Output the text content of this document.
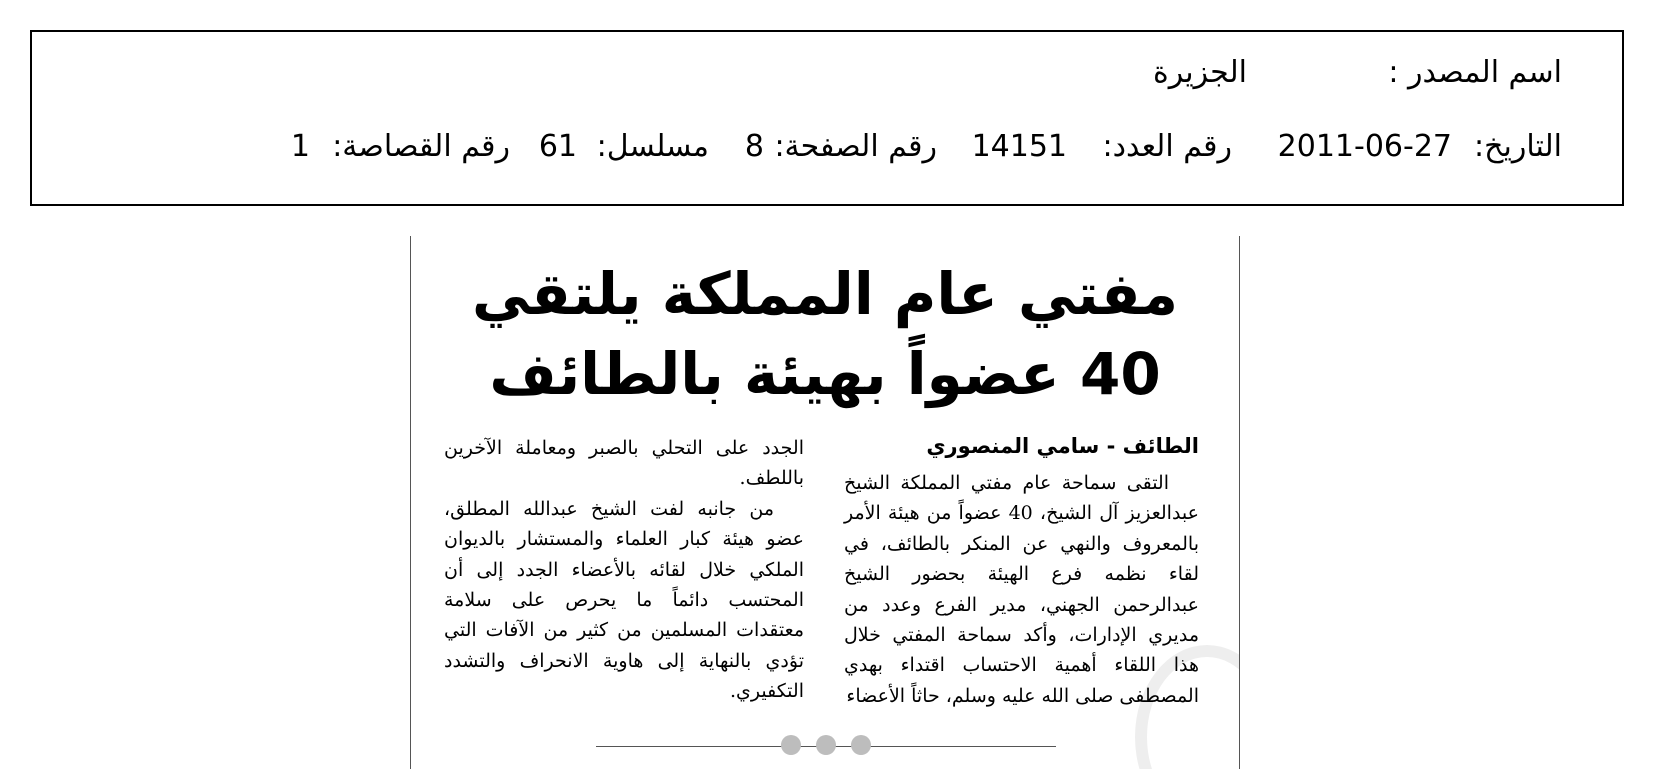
اسم المصدر :
الجزيرة
التاريخ:
2011-06-27
رقم العدد:
14151
رقم الصفحة:
8
مسلسل:
61
رقم القصاصة:
1
مفتي عام المملكة يلتقي
40 عضواً بهيئة بالطائف
الطائف - سامي المنصوري

التقى سماحة عام مفتي المملكة الشيخ عبدالعزيز آل الشيخ، 40 عضواً من هيئة الأمر بالمعروف والنهي عن المنكر بالطائف، في لقاء نظمه فرع الهيئة بحضور الشيخ عبدالرحمن الجهني، مدير الفرع وعدد من مديري الإدارات، وأكد سماحة المفتي خلال هذا اللقاء أهمية الاحتساب اقتداء بهدي المصطفى صلى الله عليه وسلم، حاثاً الأعضاء

الجدد على التحلي بالصبر ومعاملة الآخرين باللطف.

من جانبه لفت الشيخ عبدالله المطلق، عضو هيئة كبار العلماء والمستشار بالديوان الملكي خلال لقائه بالأعضاء الجدد إلى أن المحتسب دائماً ما يحرص على سلامة معتقدات المسلمين من كثير من الآفات التي تؤدي بالنهاية إلى هاوية الانحراف والتشدد التكفيري.
